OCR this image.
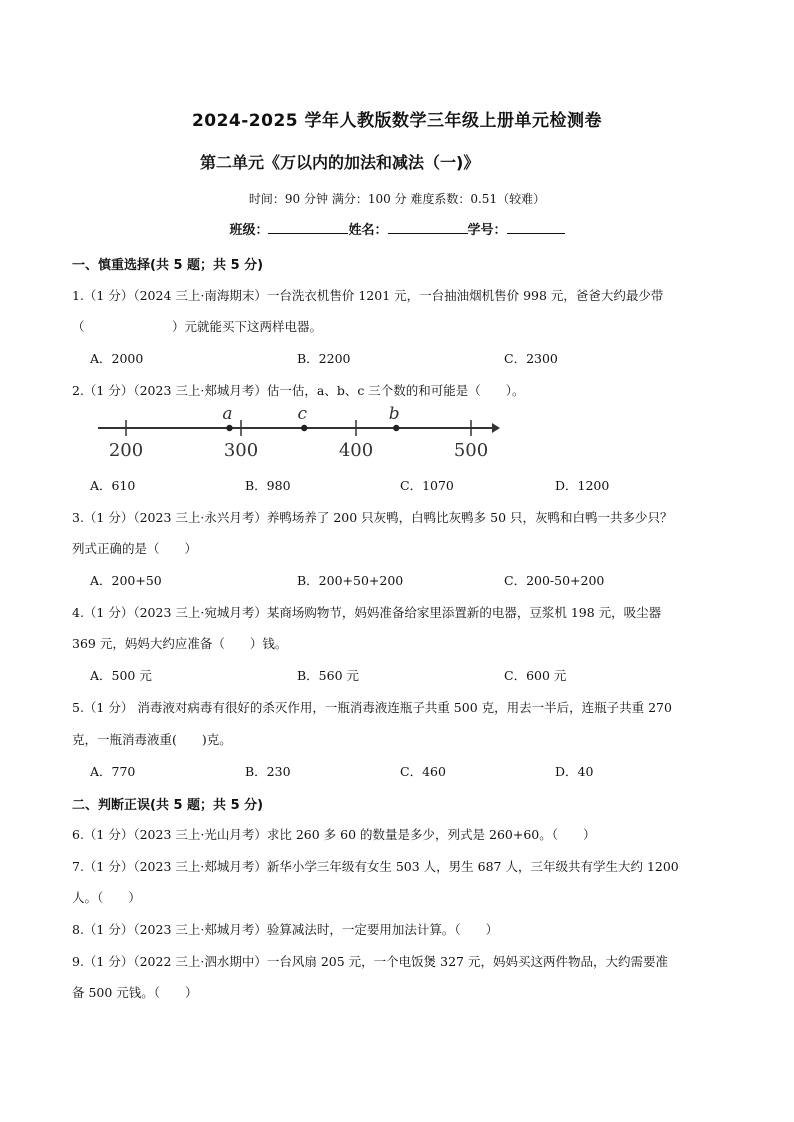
2024-2025 学年人教版数学三年级上册单元检测卷
第二单元《万以内的加法和减法（一)》
时间：90 分钟 满分：100 分 难度系数：0.51（较难）
班级：	姓名：	学号：
一、慎重选择(共 5 题；共 5 分)
1.（1 分）（2024 三上·南海期末）一台洗衣机售价 1201 元，一台抽油烟机售价 998 元，爸爸大约最少带
（　　　　　　　）元就能买下这两样电器。
A．2000	B．2200	C．2300
2.（1 分）（2023 三上·郏城月考）估一估，a、b、c 三个数的和可能是（　　）。
200	300	400	500
a	c	b
A．610	B．980	C．1070	D．1200
3.（1 分）（2023 三上·永兴月考）养鸭场养了 200 只灰鸭，白鸭比灰鸭多 50 只，灰鸭和白鸭一共多少只？
列式正确的是（　　）
A．200+50	B．200+50+200	C．200-50+200
4.（1 分）（2023 三上·宛城月考）某商场购物节，妈妈准备给家里添置新的电器，豆浆机 198 元，吸尘器
369 元，妈妈大约应准备（　　）钱。
A．500 元	B．560 元	C．600 元
5.（1 分） 消毒液对病毒有很好的杀灭作用，一瓶消毒液连瓶子共重 500 克，用去一半后，连瓶子共重 270
克，一瓶消毒液重(　　)克。
A．770	B．230	C．460	D．40
二、判断正误(共 5 题；共 5 分)
6.（1 分）（2023 三上·光山月考）求比 260 多 60 的数量是多少，列式是 260+60。（　　）
7.（1 分）（2023 三上·郏城月考）新华小学三年级有女生 503 人，男生 687 人，三年级共有学生大约 1200
人。（　　）
8.（1 分）（2023 三上·郏城月考）验算减法时，一定要用加法计算。（　　）
9.（1 分）（2022 三上·泗水期中）一台风扇 205 元，一个电饭煲 327 元，妈妈买这两件物品，大约需要准
备 500 元钱。（　　）
